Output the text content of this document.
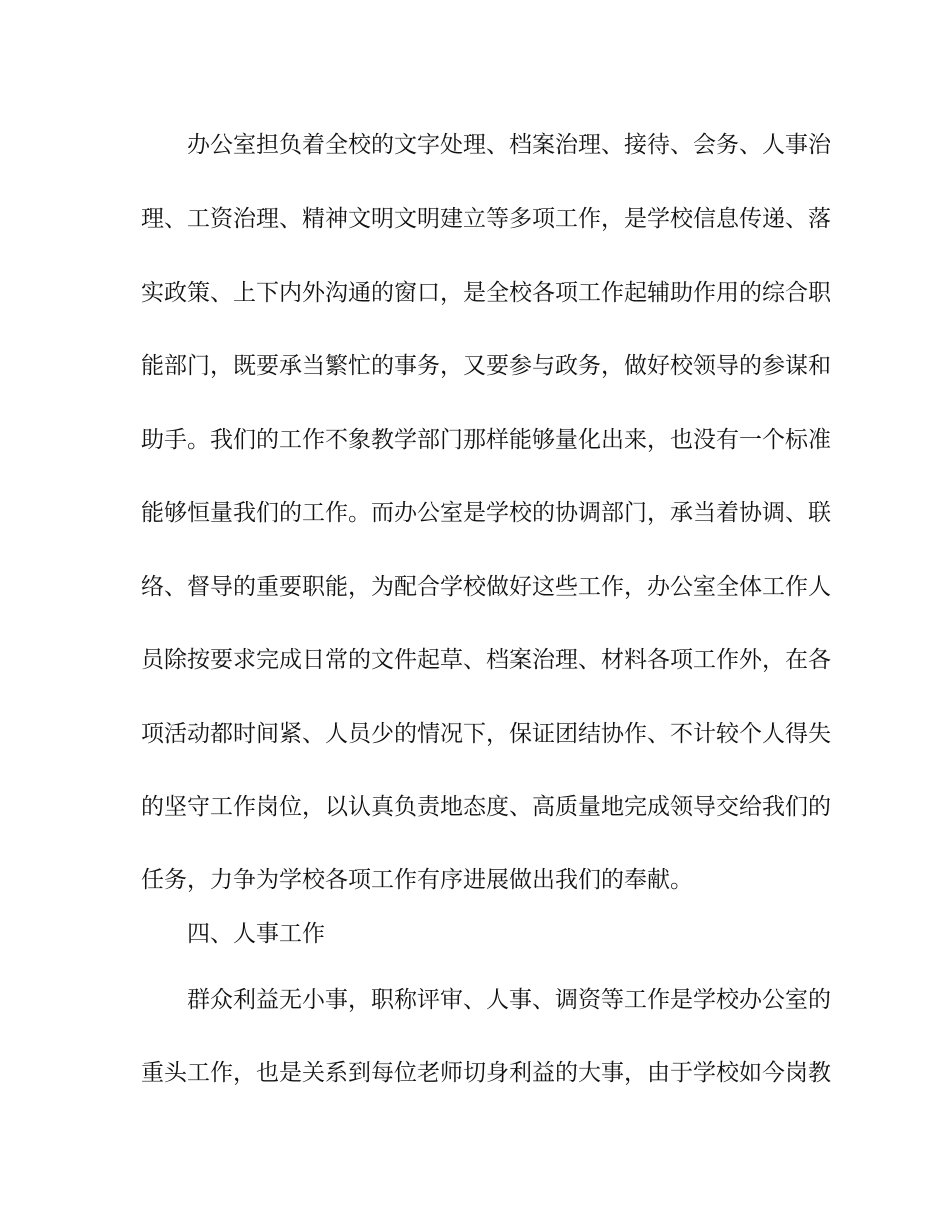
办公室担负着全校的文字处理、档案治理、接待、会务、人事治
理、工资治理、精神文明文明建立等多项工作，是学校信息传递、落
实政策、上下内外沟通的窗口，是全校各项工作起辅助作用的综合职
能部门，既要承当繁忙的事务，又要参与政务，做好校领导的参谋和
助手。我们的工作不象教学部门那样能够量化出来，也没有一个标准
能够恒量我们的工作。而办公室是学校的协调部门，承当着协调、联
络、督导的重要职能，为配合学校做好这些工作，办公室全体工作人
员除按要求完成日常的文件起草、档案治理、材料各项工作外，在各
项活动都时间紧、人员少的情况下，保证团结协作、不计较个人得失
的坚守工作岗位，以认真负责地态度、高质量地完成领导交给我们的
任务，力争为学校各项工作有序进展做出我们的奉献。
四、人事工作
群众利益无小事，职称评审、人事、调资等工作是学校办公室的
重头工作，也是关系到每位老师切身利益的大事，由于学校如今岗教
